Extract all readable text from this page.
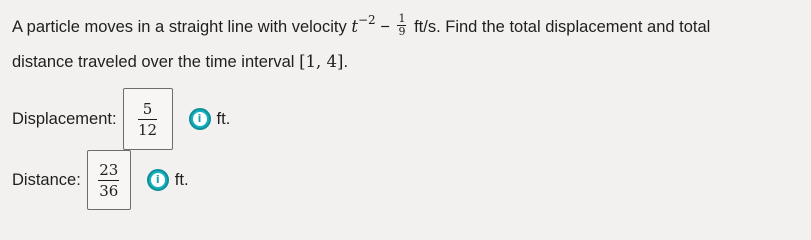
A particle moves in a straight line with velocity $t^{-2} - \frac{1}{9} ft/s$. Find the total displacement and total
distance traveled over the time interval [1, 4].
Displacement: $\frac{5}{12}$	i ft.
Distance: $\frac{23}{36}$	i ft.
